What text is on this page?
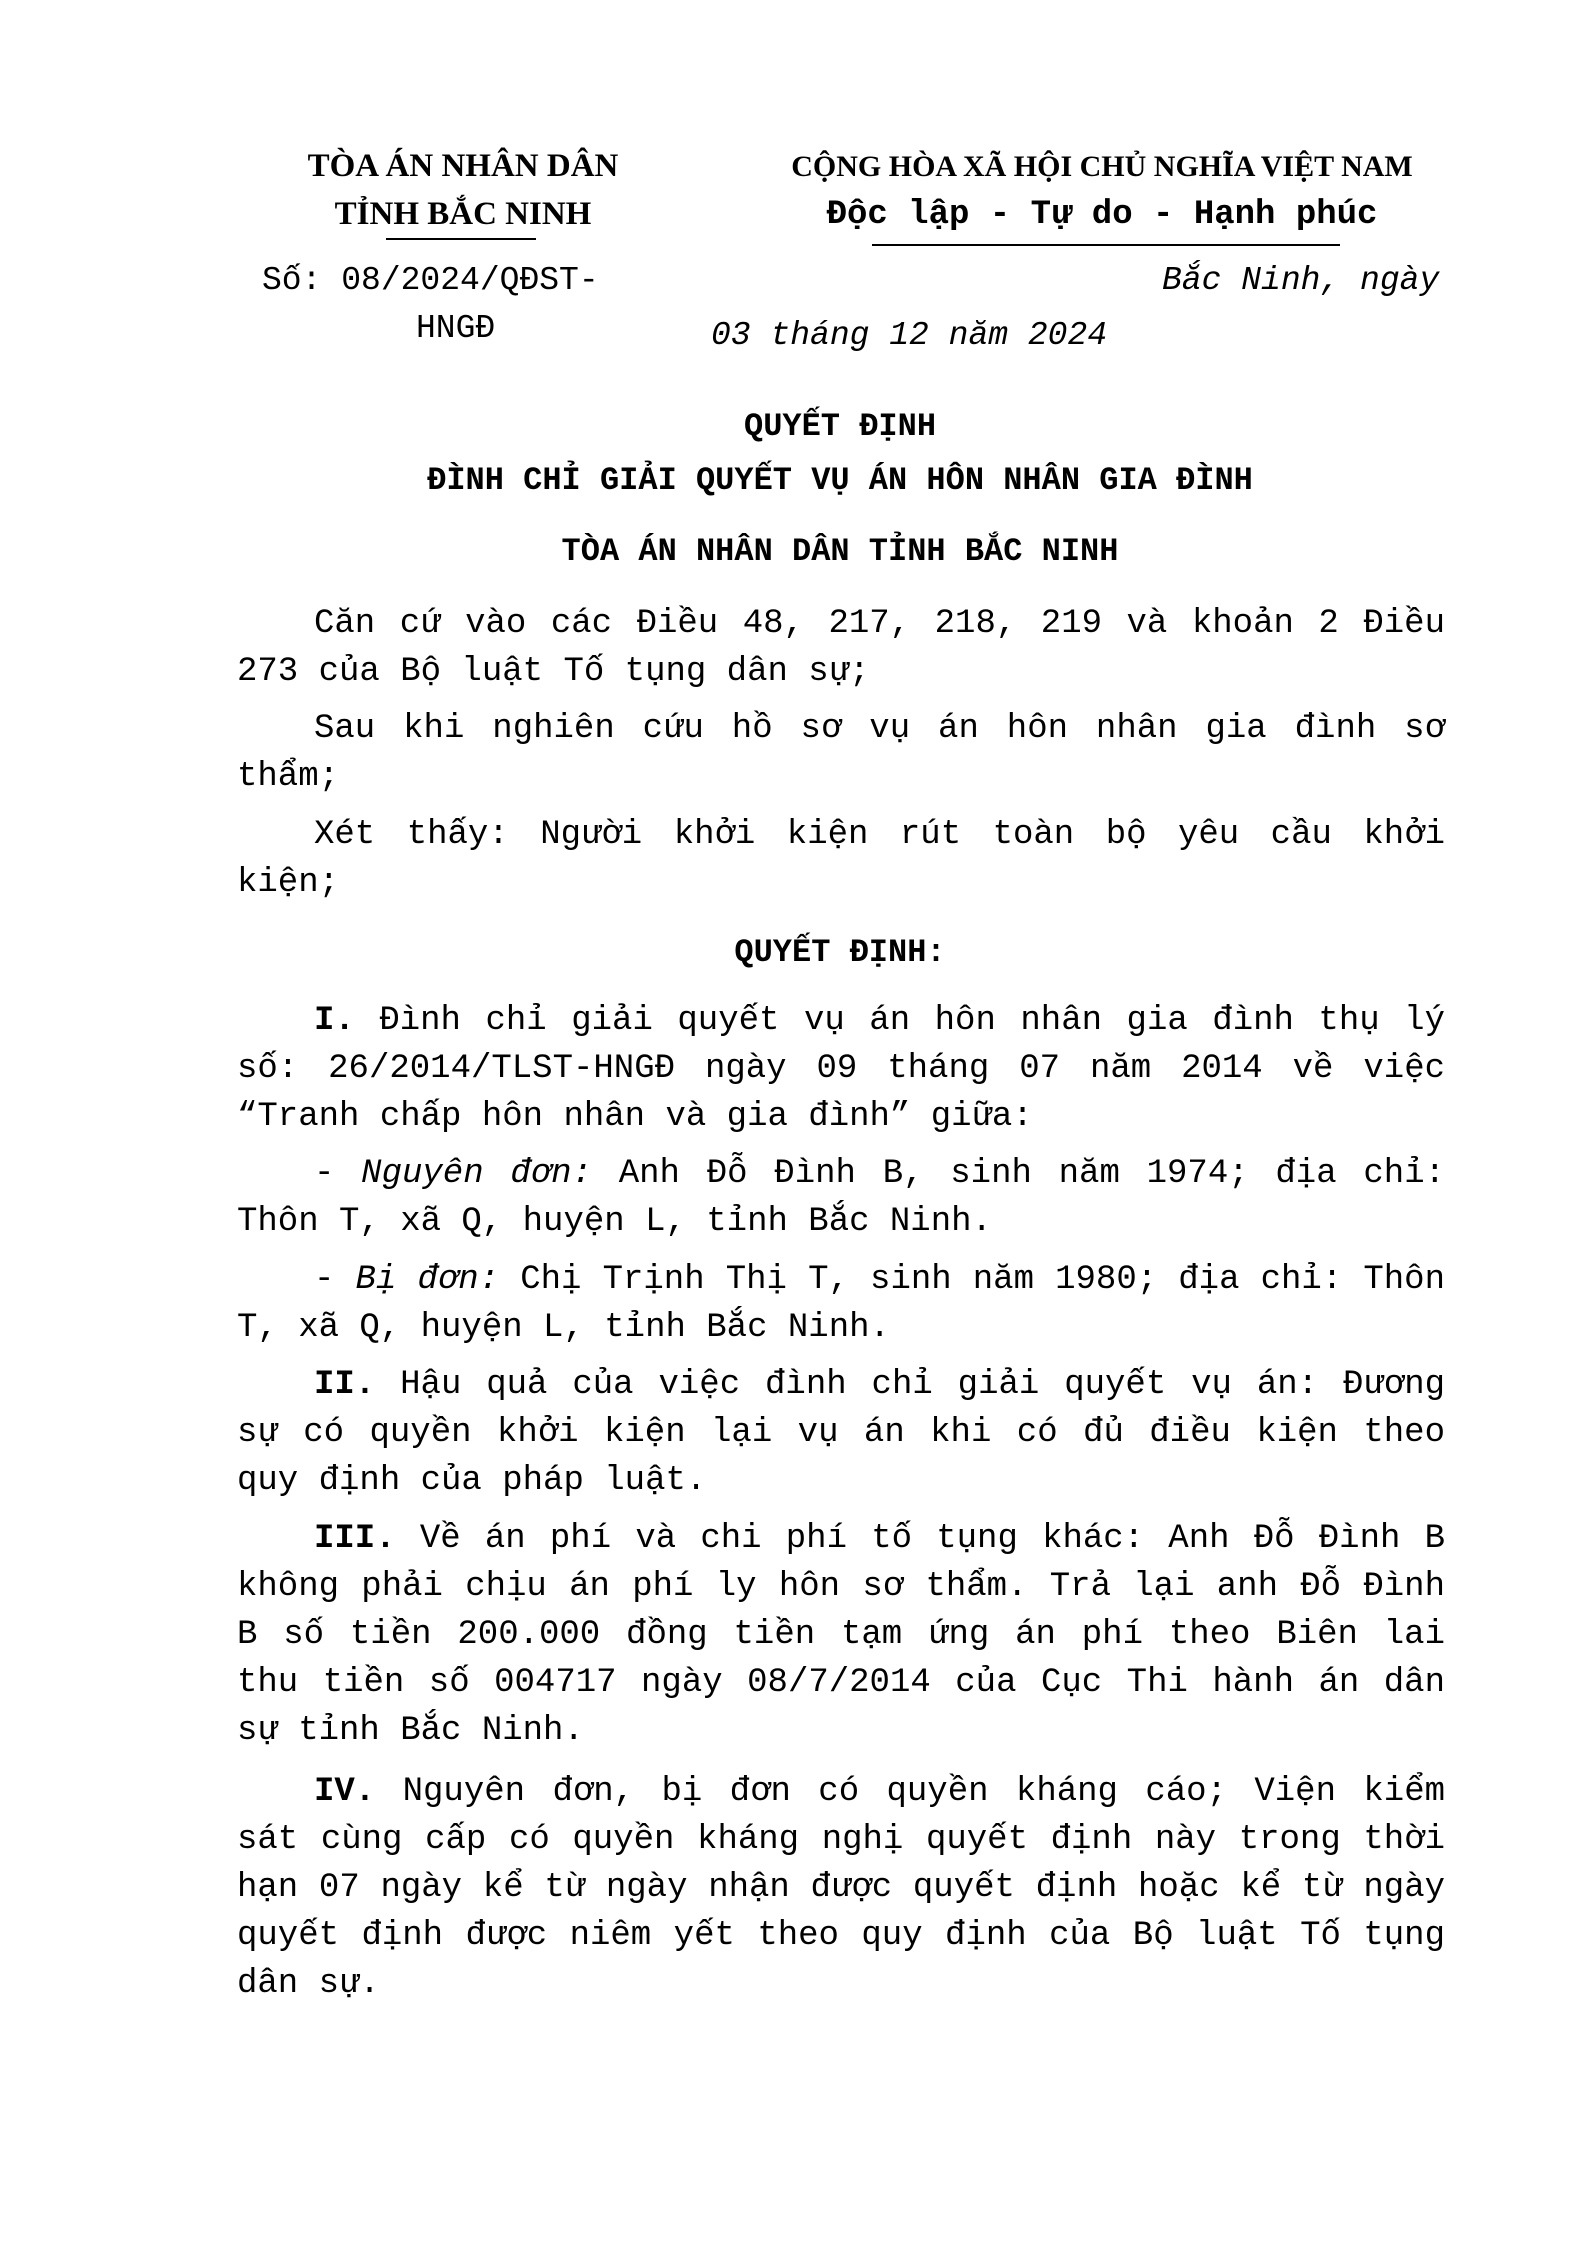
TÒA ÁN NHÂN DÂN
TỈNH BẮC NINH
CỘNG HÒA XÃ HỘI CHỦ NGHĨA VIỆT NAM
Độc lập - Tự do - Hạnh phúc
Số: 08/2024/QĐST-
HNGĐ
Bắc Ninh, ngày
03 tháng 12 năm 2024
QUYẾT ĐỊNH
ĐÌNH CHỈ GIẢI QUYẾT VỤ ÁN HÔN NHÂN GIA ĐÌNH
TÒA ÁN NHÂN DÂN TỈNH BẮC NINH
Căn cứ vào các Điều 48, 217, 218, 219 và khoản 2 Điều 273 của Bộ luật Tố tụng dân sự;
Sau khi nghiên cứu hồ sơ vụ án hôn nhân gia đình sơ thẩm;
Xét thấy: Người khởi kiện rút toàn bộ yêu cầu khởi kiện;
QUYẾT ĐỊNH:
I. Đình chỉ giải quyết vụ án hôn nhân gia đình thụ lý số: 26/2014/TLST-HNGĐ ngày 09 tháng 07 năm 2014 về việc “Tranh chấp hôn nhân và gia đình” giữa:
- Nguyên đơn: Anh Đỗ Đình B, sinh năm 1974; địa chỉ: Thôn T, xã Q, huyện L, tỉnh Bắc Ninh.
- Bị đơn: Chị Trịnh Thị T, sinh năm 1980; địa chỉ: Thôn T, xã Q, huyện L, tỉnh Bắc Ninh.
II. Hậu quả của việc đình chỉ giải quyết vụ án: Đương sự có quyền khởi kiện lại vụ án khi có đủ điều kiện theo quy định của pháp luật.
III. Về án phí và chi phí tố tụng khác: Anh Đỗ Đình B không phải chịu án phí ly hôn sơ thẩm. Trả lại anh Đỗ Đình B số tiền 200.000 đồng tiền tạm ứng án phí theo Biên lai thu tiền số 004717 ngày 08/7/2014 của Cục Thi hành án dân sự tỉnh Bắc Ninh.
IV. Nguyên đơn, bị đơn có quyền kháng cáo; Viện kiểm sát cùng cấp có quyền kháng nghị quyết định này trong thời hạn 07 ngày kể từ ngày nhận được quyết định hoặc kể từ ngày quyết định được niêm yết theo quy định của Bộ luật Tố tụng dân sự.
